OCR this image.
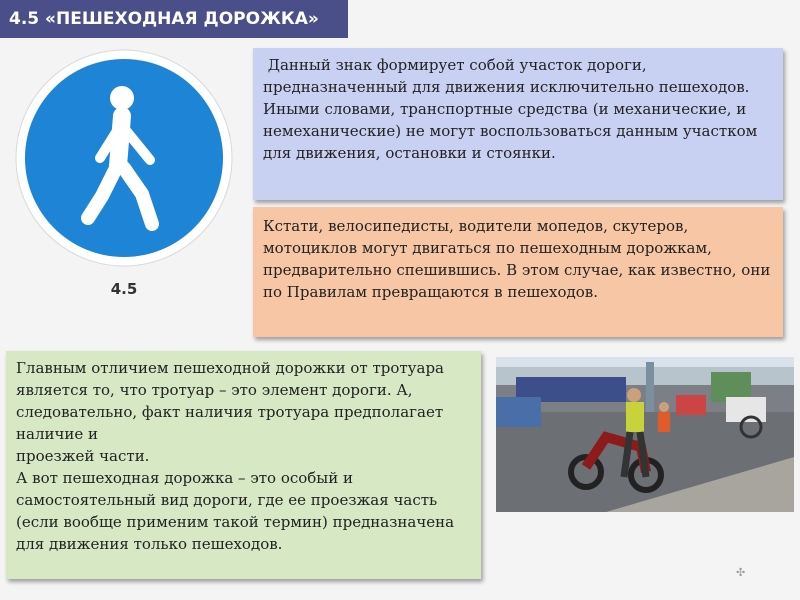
4.5 «ПЕШЕХОДНАЯ ДОРОЖКА»
4.5
Данный знак формирует собой участок дороги, предназначенный для движения исключительно пешеходов. Иными словами, транспортные средства (и механические, и немеханические) не могут воспользоваться данным участком для движения, остановки и стоянки.
Кстати, велосипедисты, водители мопедов, скутеров, мотоциклов могут двигаться по пешеходным дорожкам, предварительно спешившись. В этом случае, как известно, они  по Правилам превращаются в пешеходов.
Главным отличием пешеходной дорожки от тротуара является то, что тротуар – это элемент дороги. А, следовательно, факт наличия тротуара предполагает наличие и
проезжей части.
А вот пешеходная дорожка – это особый и самостоятельный вид дороги, где ее проезжая часть (если вообще применим такой термин) предназначена для движения только пешеходов.
✣
